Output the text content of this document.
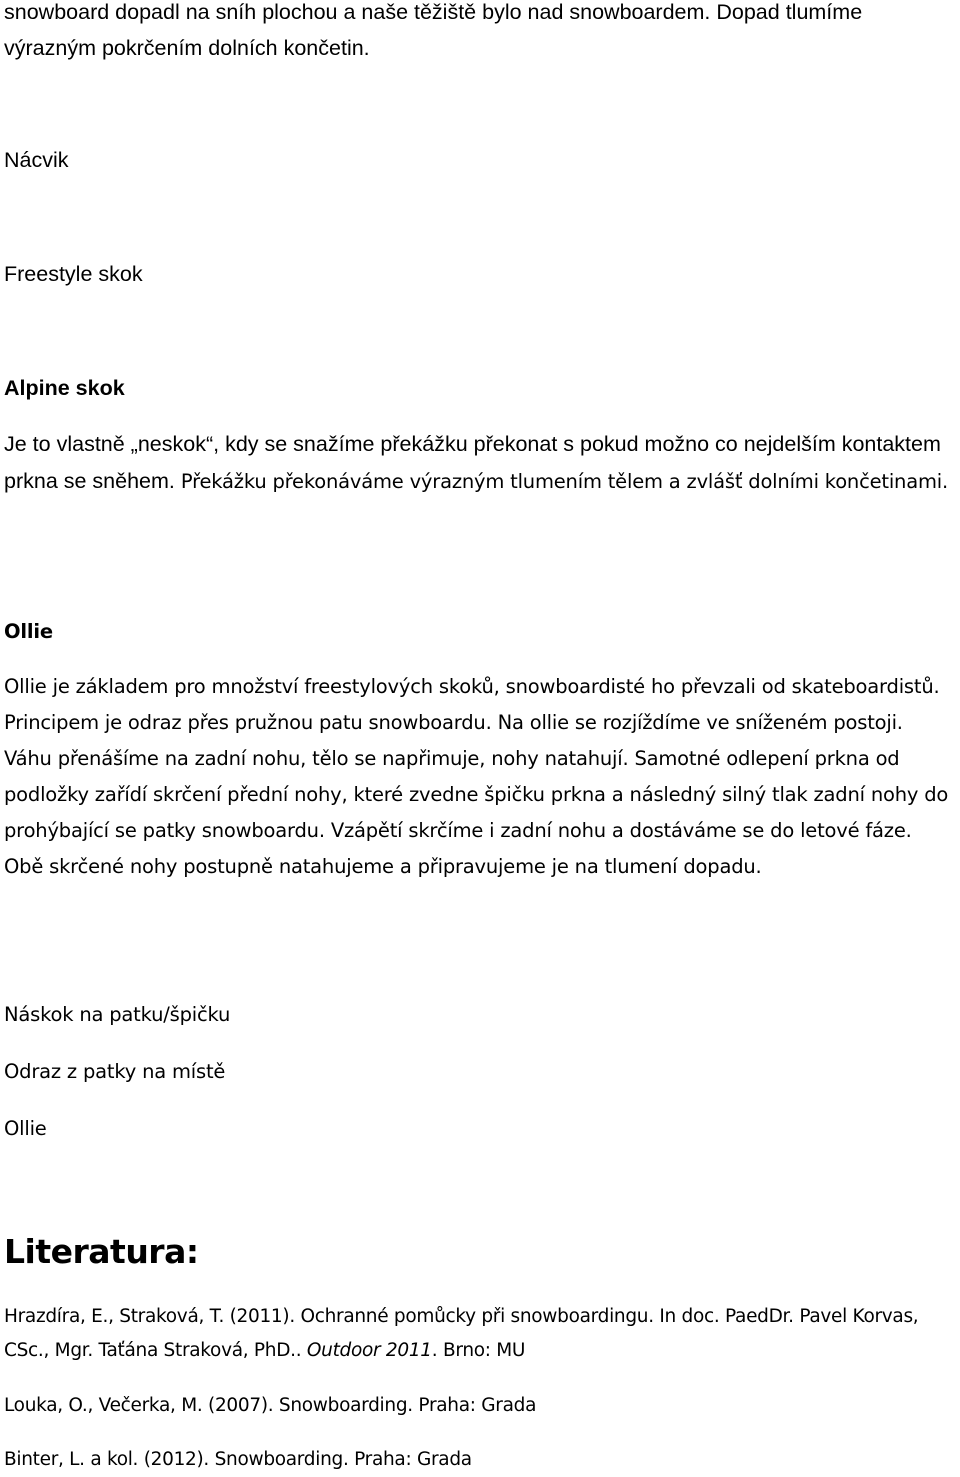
snowboard dopadl na sníh plochou a naše těžiště bylo nad snowboardem. Dopad tlumíme výrazným pokrčením dolních končetin.

Nácvik

Freestyle skok

Alpine skok

Je to vlastně „neskok“, kdy se snažíme překážku překonat s pokud možno co nejdelším kontaktem prkna se sněhem. Překážku překonáváme výrazným tlumením tělem a zvlášť dolními končetinami.

Ollie

Ollie je základem pro množství freestylových skoků, snowboardisté ho převzali od skateboardistů. Principem je odraz přes pružnou patu snowboardu. Na ollie se rozjíždíme ve sníženém postoji. Váhu přenášíme na zadní nohu, tělo se napřimuje, nohy natahují. Samotné odlepení prkna od podložky zařídí skrčení přední nohy, které zvedne špičku prkna a následný silný tlak zadní nohy do prohýbající se patky snowboardu. Vzápětí skrčíme i zadní nohu a dostáváme se do letové fáze. Obě skrčené nohy postupně natahujeme a připravujeme je na tlumení dopadu.

Náskok na patku/špičku

Odraz z patky na místě

Ollie

Literatura:

Hrazdíra, E., Straková, T. (2011). Ochranné pomůcky při snowboardingu. In doc. PaedDr. Pavel Korvas, CSc., Mgr. Taťána Straková, PhD.. Outdoor 2011. Brno: MU

Louka, O., Večerka, M. (2007). Snowboarding. Praha: Grada

Binter, L. a kol. (2012). Snowboarding. Praha: Grada
